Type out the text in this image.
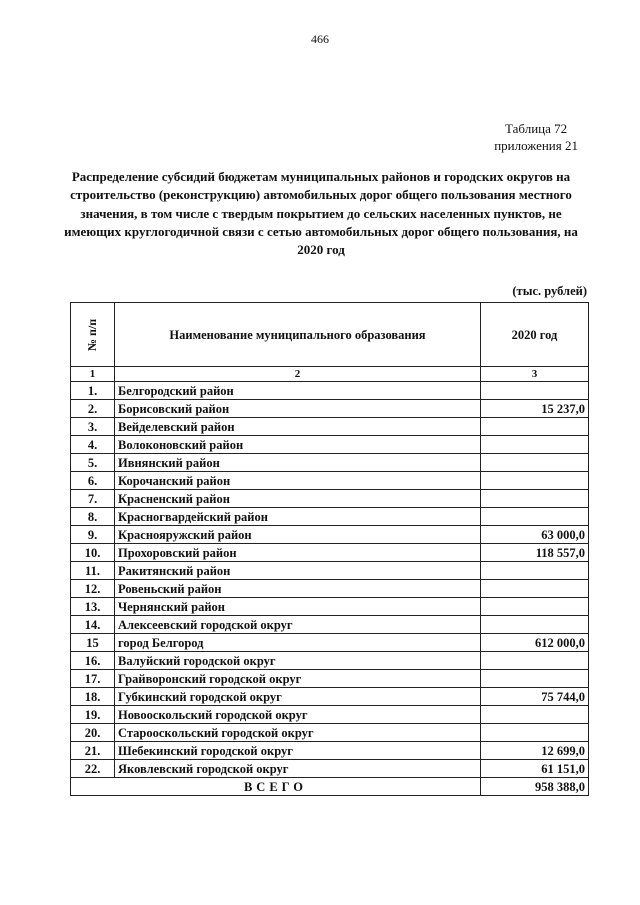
466
Таблица 72
приложения 21
Распределение субсидий бюджетам муниципальных районов и городских округов на строительство (реконструкцию) автомобильных дорог общего пользования местного значения, в том числе с твердым покрытием до сельских населенных пунктов, не имеющих круглогодичной связи с сетью автомобильных дорог общего пользования, на 2020 год
(тыс. рублей)
№ п/п	Наименование муниципального образования	2020 год
1	2	3
1.	Белгородский район	
2.	Борисовский район	15 237,0
3.	Вейделевский район	
4.	Волоконовский район	
5.	Ивнянский район	
6.	Корочанский район	
7.	Красненский район	
8.	Красногвардейский район	
9.	Краснояружский район	63 000,0
10.	Прохоровский район	118 557,0
11.	Ракитянский район	
12.	Ровеньский район	
13.	Чернянский район	
14.	Алексеевский городской округ	
15	город Белгород	612 000,0
16.	Валуйский городской округ	
17.	Грайворонский городской округ	
18.	Губкинский городской округ	75 744,0
19.	Новооскольский городской округ	
20.	Старооскольский городской округ	
21.	Шебекинский городской округ	12 699,0
22.	Яковлевский городской округ	61 151,0
ВСЕГО		958 388,0
